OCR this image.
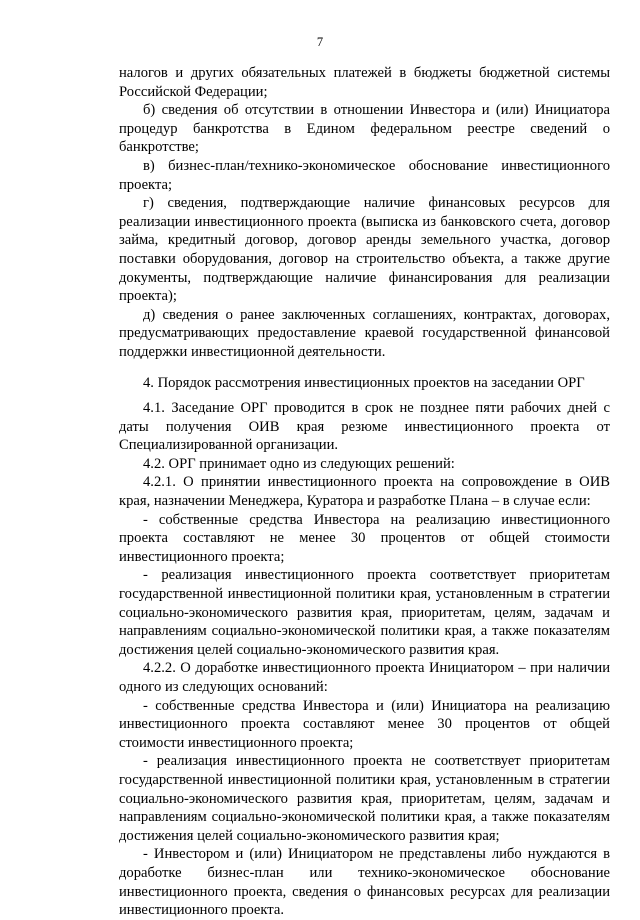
7

налогов и других обязательных платежей в бюджеты бюджетной системы Российской Федерации;

б) сведения об отсутствии в отношении Инвестора и (или) Инициатора процедур банкротства в Едином федеральном реестре сведений о банкротстве;

в) бизнес-план/технико-экономическое обоснование инвестиционного проекта;

г) сведения, подтверждающие наличие финансовых ресурсов для реализации инвестиционного проекта (выписка из банковского счета, договор займа, кредитный договор, договор аренды земельного участка, договор поставки оборудования, договор на строительство объекта, а также другие документы, подтверждающие наличие финансирования для реализации проекта);

д) сведения о ранее заключенных соглашениях, контрактах, договорах, предусматривающих предоставление краевой государственной финансовой поддержки инвестиционной деятельности.

4. Порядок рассмотрения инвестиционных проектов на заседании ОРГ

4.1. Заседание ОРГ проводится в срок не позднее пяти рабочих дней с даты получения ОИВ края резюме инвестиционного проекта от Специализированной организации.

4.2. ОРГ принимает одно из следующих решений:

4.2.1. О принятии инвестиционного проекта на сопровождение в ОИВ края, назначении Менеджера, Куратора и разработке Плана – в случае если:

- собственные средства Инвестора на реализацию инвестиционного проекта составляют не менее 30 процентов от общей стоимости инвестиционного проекта;

- реализация инвестиционного проекта соответствует приоритетам государственной инвестиционной политики края, установленным в стратегии социально-экономического развития края, приоритетам, целям, задачам и направлениям социально-экономической политики края, а также показателям достижения целей социально-экономического развития края.

4.2.2. О доработке инвестиционного проекта Инициатором – при наличии одного из следующих оснований:

- собственные средства Инвестора и (или) Инициатора на реализацию инвестиционного проекта составляют менее 30 процентов от общей стоимости инвестиционного проекта;

- реализация инвестиционного проекта не соответствует приоритетам государственной инвестиционной политики края, установленным в стратегии социально-экономического развития края, приоритетам, целям, задачам и направлениям социально-экономической политики края, а также показателям достижения целей социально-экономического развития края;

- Инвестором и (или) Инициатором не представлены либо нуждаются в доработке бизнес-план или технико-экономическое обоснование инвестиционного проекта, сведения о финансовых ресурсах для реализации инвестиционного проекта.
